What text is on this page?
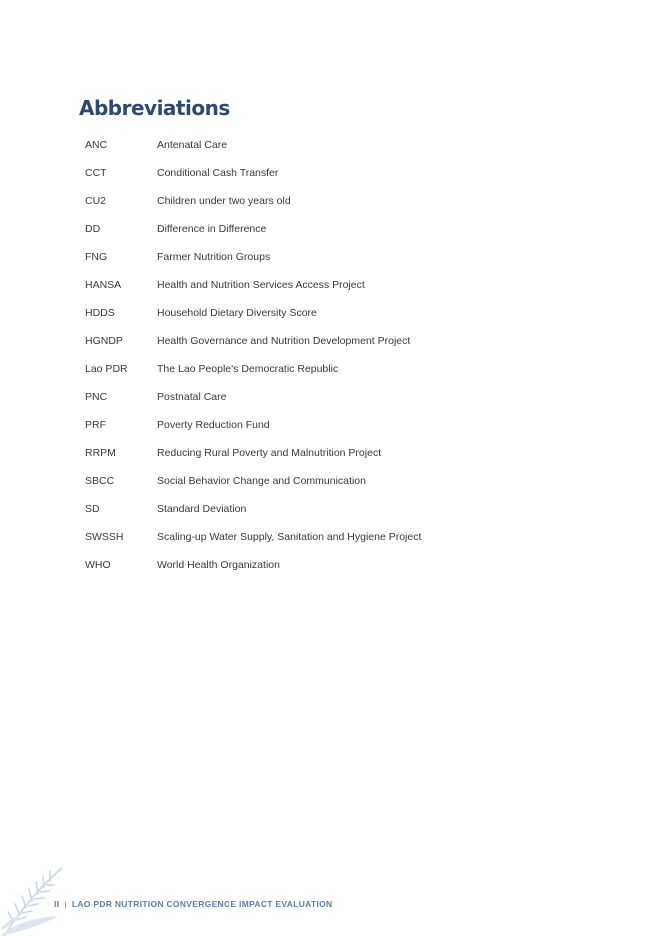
Abbreviations
ANC	Antenatal Care
CCT	Conditional Cash Transfer
CU2	Children under two years old
DD	Difference in Difference
FNG	Farmer Nutrition Groups
HANSA	Health and Nutrition Services Access Project
HDDS	Household Dietary Diversity Score
HGNDP	Health Governance and Nutrition Development Project
Lao PDR	The Lao People's Democratic Republic
PNC	Postnatal Care
PRF	Poverty Reduction Fund
RRPM	Reducing Rural Poverty and Malnutrition Project
SBCC	Social Behavior Change and Communication
SD	Standard Deviation
SWSSH	Scaling-up Water Supply, Sanitation and Hygiene Project
WHO	World Health Organization
II | LAO PDR NUTRITION CONVERGENCE IMPACT EVALUATION
